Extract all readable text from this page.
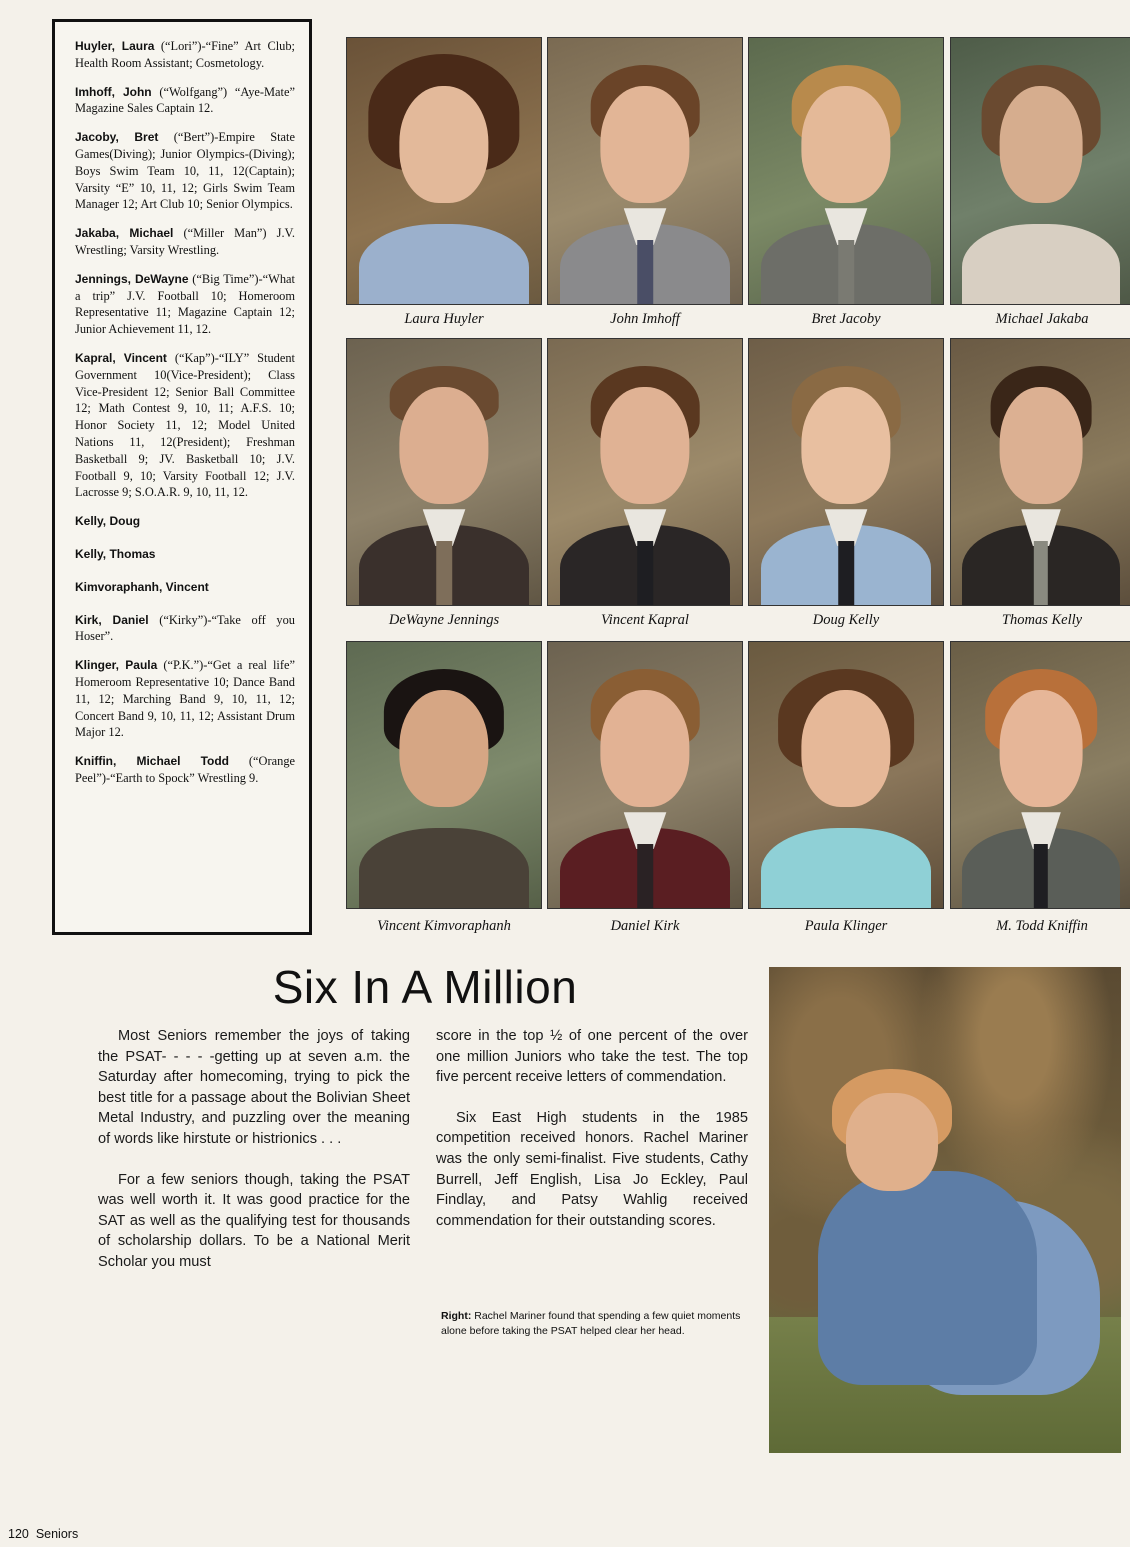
Huyler, Laura (“Lori”)-“Fine” Art Club; Health Room Assistant; Cosmetology.

Imhoff, John (“Wolfgang”) “Aye-Mate” Magazine Sales Captain 12.

Jacoby, Bret (“Bert”)-Empire State Games(Diving); Junior Olympics-(Diving); Boys Swim Team 10, 11, 12(Captain); Varsity “E” 10, 11, 12; Girls Swim Team Manager 12; Art Club 10; Senior Olympics.

Jakaba, Michael (“Miller Man”) J.V. Wrestling; Varsity Wrestling.

Jennings, DeWayne (“Big Time”)-“What a trip” J.V. Football 10; Homeroom Representative 11; Magazine Captain 12; Junior Achievement 11, 12.

Kapral, Vincent (“Kap”)-“ILY” Student Government 10(Vice-President); Class Vice-President 12; Senior Ball Committee 12; Math Contest 9, 10, 11; A.F.S. 10; Honor Society 11, 12; Model United Nations 11, 12(President); Freshman Basketball 9; JV. Basketball 10; J.V. Football 9, 10; Varsity Football 12; J.V. Lacrosse 9; S.O.A.R. 9, 10, 11, 12.

Kelly, Doug

Kelly, Thomas

Kimvoraphanh, Vincent

Kirk, Daniel (“Kirky”)-“Take off you Hoser”.

Klinger, Paula (“P.K.”)-“Get a real life” Homeroom Representative 10; Dance Band 11, 12; Marching Band 9, 10, 11, 12; Concert Band 9, 10, 11, 12; Assistant Drum Major 12.

Kniffin, Michael Todd (“Orange Peel”)-“Earth to Spock” Wrestling 9.

Laura Huyler	John Imhoff	Bret Jacoby	Michael Jakaba
DeWayne Jennings	Vincent Kapral	Doug Kelly	Thomas Kelly
Vincent Kimvoraphanh	Daniel Kirk	Paula Klinger	M. Todd Kniffin
Six In A Million

Most Seniors remember the joys of taking the PSAT- - - - -getting up at seven a.m. the Saturday after homecoming, trying to pick the best title for a passage about the Bolivian Sheet Metal Industry, and puzzling over the meaning of words like hirstute or histrionics . . .

For a few seniors though, taking the PSAT was well worth it. It was good practice for the SAT as well as the qualifying test for thousands of scholarship dollars. To be a National Merit Scholar you must

score in the top ½ of one percent of the over one million Juniors who take the test. The top five percent receive letters of commendation.

Six East High students in the 1985 competition received honors. Rachel Mariner was the only semi-finalist. Five students, Cathy Burrell, Jeff English, Lisa Jo Eckley, Paul Findlay, and Patsy Wahlig received commendation for their outstanding scores.

Right: Rachel Mariner found that spending a few quiet moments alone before taking the PSAT helped clear her head.
120 Seniors
